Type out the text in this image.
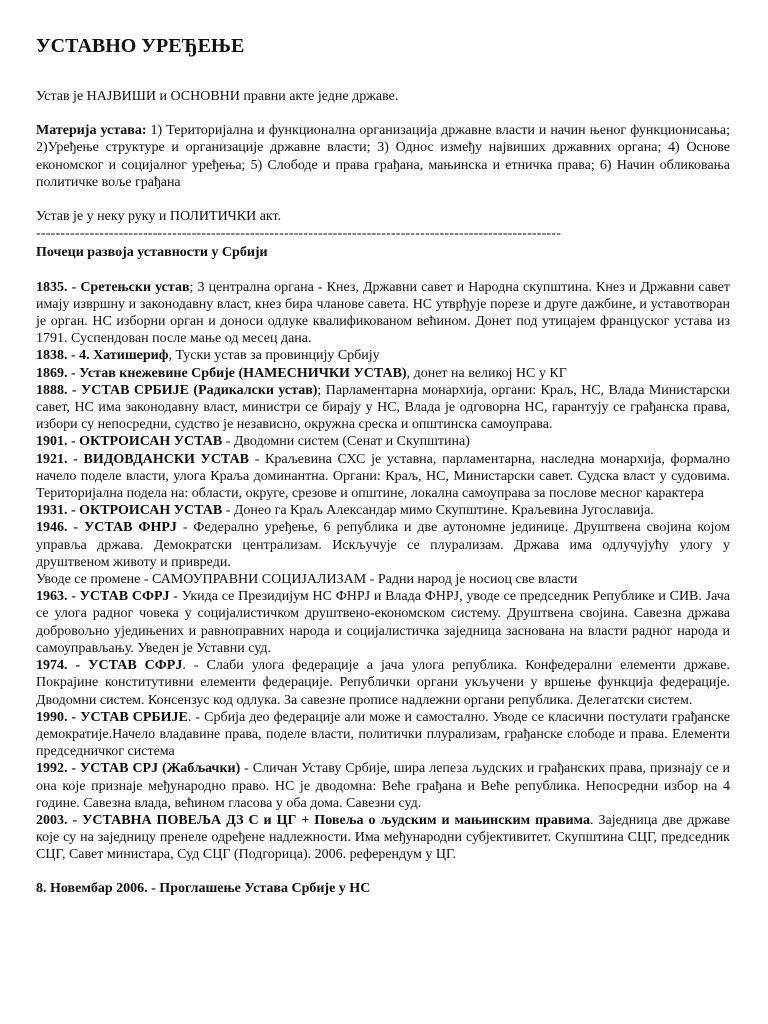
УСТАВНО УРЕЂЕЊЕ

Устав је НАЈВИШИ и ОСНОВНИ правни акте једне државе.

Материја устава: 1) Територијална и функционална организација државне власти и начин њеног функционисања; 2)Уређење структуре и организације државне власти; 3) Однос између највиших државних органа; 4) Основе економског и социјалног уређења; 5) Слободе и права грађана, мањинска и етничка права; 6) Начин обликовања политичке воље грађана

Устав је у неку руку и ПОЛИТИЧКИ акт.

------------------------------------------------------------------------------------------------------------

Почеци развоја уставности у Србији

1835. - Сретењски устав; 3 централна органа - Кнез, Државни савет и Народна скупштина. Кнез и Државни савет имају извршну и законодавну власт, кнез бира чланове савета. НС утврђује порезе и друге дажбине, и уставотворан је орган. НС изборни орган и доноси одлуке квалификованом већином. Донет под утицајем француског устава из 1791. Суспендован после мање од месец дана.

1838. - 4. Хатишериф, Туски устав за провинцију Србију

1869. - Устав кнежевине Србије (НАМЕСНИЧКИ УСТАВ), донет на великој НС у КГ

1888. - УСТАВ СРБИЈЕ (Радикалски устав); Парламентарна монархија, органи: Краљ, НС, Влада Министарски савет, НС има законодавну власт, министри се бирају у НС, Влада је одговорна НС, гарантују се грађанска права, избори су непосредни, судство је независно, окружна среска и општинска самоуправа.

1901. - ОКТРОИСАН УСТАВ - Дводомни систем (Сенат и Скупштина)

1921. - ВИДОВДАНСКИ УСТАВ - Краљевина СХС је уставна, парламентарна, наследна монархија, формално начело поделе власти, улога Краља доминантна. Органи: Краљ, НС, Министарски савет. Судска власт у судовима. Територијална подела на: области, округе, срезове и општине, локална самоуправа за послове месног карактера

1931. - ОКТРОИСАН УСТАВ - Донео га Краљ Александар мимо Скупштине. Краљевина Југославија.

1946. - УСТАВ ФНРЈ - Федерално уређење, 6 република и две аутономне јединице. Друштвена својина којом управља држава. Демократски централизам. Искључује се плурализам. Држава има одлучујућу улогу у друштвеном животу и привреди.

Уводе се промене - САМОУПРАВНИ СОЦИЈАЛИЗАМ - Радни народ је носиоц све власти

1963. - УСТАВ СФРЈ - Укида се Президијум НС ФНРЈ и Влада ФНРЈ, уводе се председник Републике и СИВ. Јача се улога радног човека у социјалистичком друштвено-економском систему. Друштвена својина. Савезна држава добровољно уједињених и равноправних народа и социјалистичка заједница заснована на власти радног народа и самоуправљању. Уведен је Уставни суд.

1974. - УСТАВ СФРЈ. - Слаби улога федерације а јача улога република. Конфедерални елементи државе. Покрајине конститутивни елементи федерације. Републички органи укључени у вршење функција федерације. Дводомни систем. Консензус код одлука. За савезне прописе надлежни органи република. Делегатски систем.

1990. - УСТАВ СРБИЈЕ. - Србија део федерације али може и самостално. Уводе се класични постулати грађанске демократије.Начело владавине права, поделе власти, политички плурализам, грађанске слободе и права. Елементи председничког система

1992. - УСТАВ СРЈ (Жабљачки) - Сличан Уставу Србије, шира лепеза људских и грађанских права, признају се и она које признаје међународно право. НС је дводомна: Веће грађана и Веће република. Непосредни избор на 4 године. Савезна влада, већином гласова у оба дома. Савезни суд.

2003. - УСТАВНА ПОВЕЉА ДЗ С и ЦГ + Повеља о људским и мањинским правима. Заједница две државе које су на заједницу пренеле одређене надлежности. Има међународни субјективитет. Скупштина СЦГ, председник СЦГ, Савет министара, Суд СЦГ (Подгорица). 2006. референдум у ЦГ.

8. Новембар 2006. - Проглашење Устава Србије у НС
